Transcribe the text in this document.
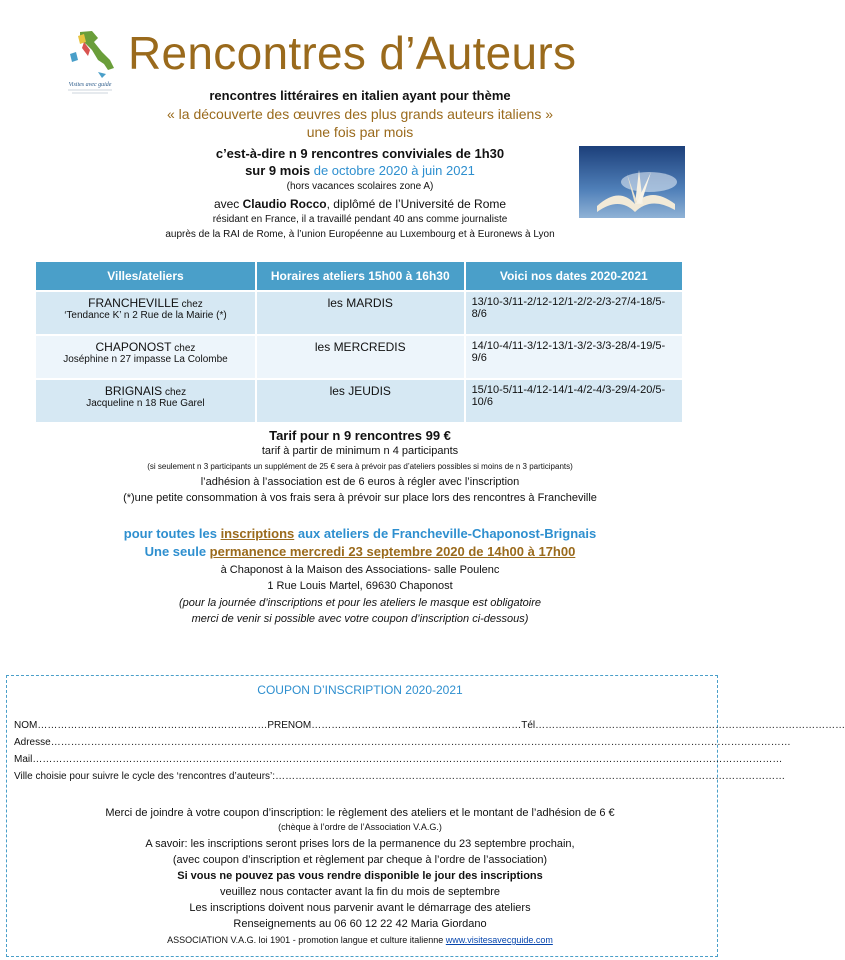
Visites avec guide
Rencontres d’Auteurs
rencontres littéraires en italien ayant pour thème
« la découverte des œuvres des plus grands auteurs italiens »
une fois par mois
c’est-à-dire n 9 rencontres conviviales de 1h30
sur 9 mois de octobre 2020 à juin 2021
(hors vacances scolaires zone A)
avec Claudio Rocco, diplômé de l’Université de Rome
résidant en France, il a travaillé pendant 40 ans comme journaliste
auprès de la RAI de Rome, à l’union Européenne au Luxembourg et à Euronews à Lyon
Villes/ateliers	Horaires ateliers 15h00 à 16h30	Voici nos dates 2020-2021

FRANCHEVILLE chez
‘Tendance K’ n 2 Rue de la Mairie (*)	les MARDIS	13/10-3/11-2/12-12/1-2/2-2/3-27/4-18/5-8/6

CHAPONOST chez
Joséphine n 27 impasse La Colombe	les MERCREDIS	14/10-4/11-3/12-13/1-3/2-3/3-28/4-19/5-9/6

BRIGNAIS chez
Jacqueline n 18 Rue Garel	les JEUDIS	15/10-5/11-4/12-14/1-4/2-4/3-29/4-20/5-10/6
Tarif pour n 9 rencontres 99 €
tarif à partir de minimum n 4 participants
(si seulement n 3 participants un supplément de 25 € sera à prévoir pas d’ateliers possibles si moins de n 3 participants)
l’adhésion à l’association est de 6 euros à régler avec l’inscription
(*)une petite consommation à vos frais sera à prévoir sur place lors des rencontres à Francheville
pour toutes les inscriptions aux ateliers de Francheville-Chaponost-Brignais
Une seule permanence mercredi 23 septembre 2020 de 14h00 à 17h00
à Chaponost à la Maison des Associations- salle Poulenc
1 Rue Louis Martel, 69630 Chaponost
(pour la journée d’inscriptions et pour les ateliers le masque est obligatoire
merci de venir si possible avec votre coupon d’inscription ci-dessous)
COUPON D’INSCRIPTION 2020-2021
NOM……………………………………………………………PRENOM………………………………………………………Tél…………………………………………………………………………………
Adresse……………………………………………………………………………………………………………………………………………………………………………………………………
Mail………………………………………………………………………………………………………………………………………………………………………………………………………
Ville choisie pour suivre le cycle des ‘rencontres d’auteurs’:………………………………………………………………………………………………………………………………………
Merci de joindre à votre coupon d’inscription: le règlement des ateliers et le montant de l’adhésion de 6 €
(chèque à l’ordre de l’Association V.A.G.)
A savoir: les inscriptions seront prises lors de la permanence du 23 septembre prochain,
(avec coupon d’inscription et règlement par cheque à l’ordre de l’association)
Si vous ne pouvez pas vous rendre disponible le jour des inscriptions
veuillez nous contacter avant la fin du mois de septembre
Les inscriptions doivent nous parvenir avant le démarrage des ateliers
Renseignements au 06 60 12 22 42 Maria Giordano
ASSOCIATION V.A.G. loi 1901 - promotion langue et culture italienne www.visitesavecguide.com
